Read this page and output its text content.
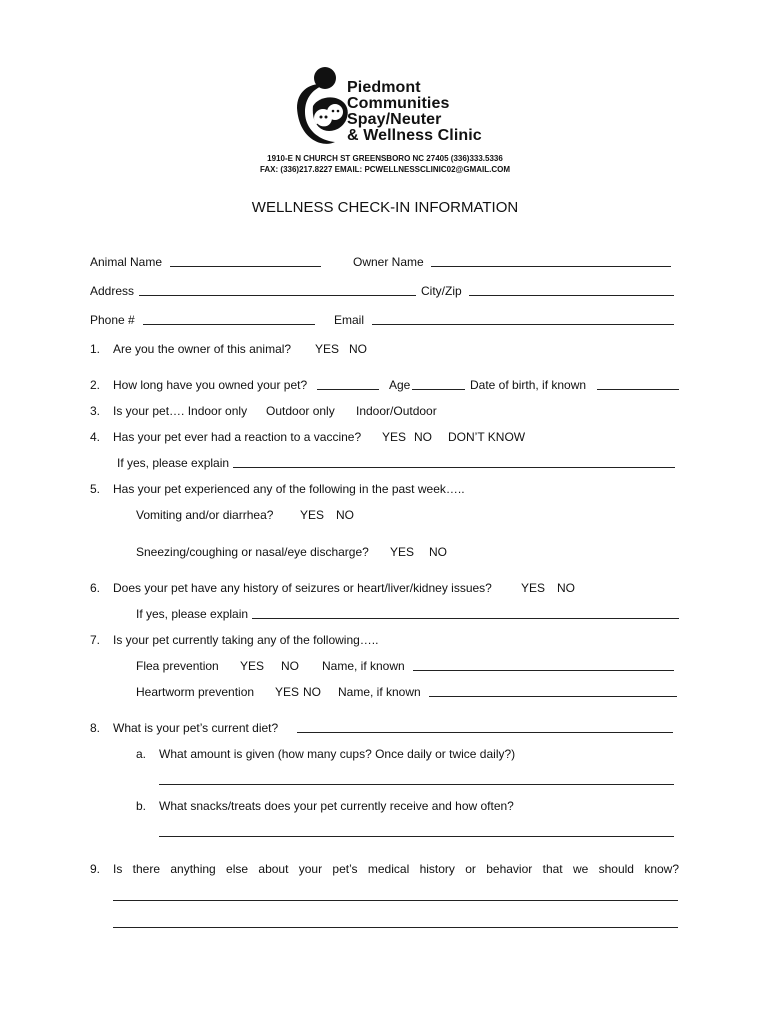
Piedmont
Communities
Spay/Neuter
& Wellness Clinic
1910-E N CHURCH ST GREENSBORO NC 27405 (336)333.5336
FAX: (336)217.8227 EMAIL: PCWELLNESSCLINIC02@GMAIL.COM
WELLNESS CHECK-IN INFORMATION
Animal Name	Owner Name
Address	City/Zip
Phone #	Email
1. Are you the owner of this animal? YES NO
2. How long have you owned your pet?	Age	Date of birth, if known
3. Is your pet…. Indoor only Outdoor only Indoor/Outdoor
4. Has your pet ever had a reaction to a vaccine? YES NO DON’T KNOW
If yes, please explain
5. Has your pet experienced any of the following in the past week…..
Vomiting and/or diarrhea? YES NO
Sneezing/coughing or nasal/eye discharge? YES NO
6. Does your pet have any history of seizures or heart/liver/kidney issues? YES NO
If yes, please explain
7. Is your pet currently taking any of the following…..
Flea prevention YES NO Name, if known
Heartworm prevention YES NO Name, if known
8. What is your pet’s current diet?
a. What amount is given (how many cups? Once daily or twice daily?)
b. What snacks/treats does your pet currently receive and how often?
9. Is there anything else about your pet’s medical history or behavior that we should know?
